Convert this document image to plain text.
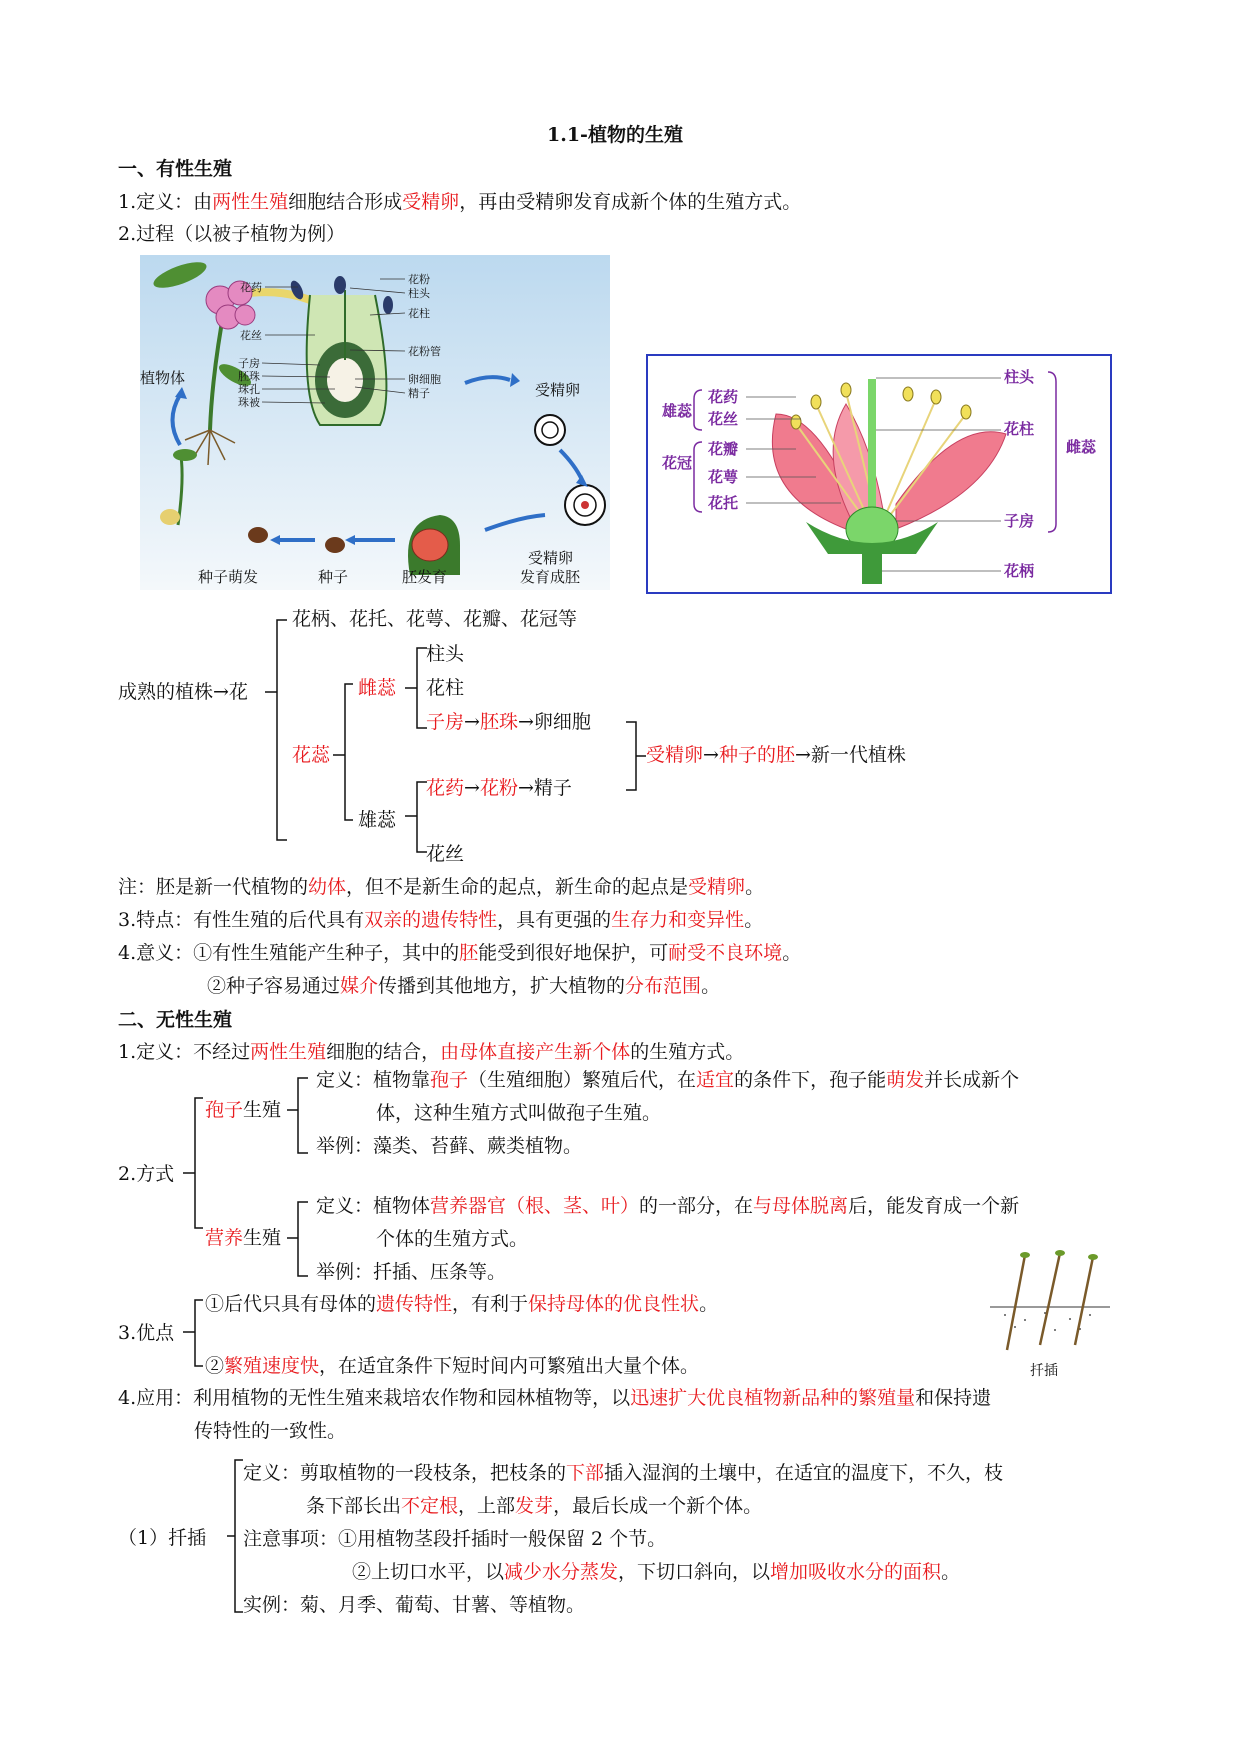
1.1-植物的生殖
一、有性生殖
1.定义：由两性生殖细胞结合形成受精卵，再由受精卵发育成新个体的生殖方式。
2.过程（以被子植物为例）
植物体
花药
花丝
子房
胚珠
珠孔
珠被
花粉
柱头
花柱
花粉管
卵细胞
精子	受精卵
受精卵
发育成胚
胚发育
种子
种子萌发
雄蕊
花冠
花药
花丝
花瓣
花萼
花托
柱头
花柱
雌蕊
子房
花柄
成熟的植株→花
花柄、花托、花萼、花瓣、花冠等
花蕊
雌蕊
雄蕊
柱头
花柱
子房→胚珠→卵细胞
花药→花粉→精子
花丝
受精卵→种子的胚→新一代植株
注：胚是新一代植物的幼体，但不是新生命的起点，新生命的起点是受精卵。
3.特点：有性生殖的后代具有双亲的遗传特性，具有更强的生存力和变异性。
4.意义：①有性生殖能产生种子，其中的胚能受到很好地保护，可耐受不良环境。
②种子容易通过媒介传播到其他地方，扩大植物的分布范围。
二、无性生殖
1.定义：不经过两性生殖细胞的结合，由母体直接产生新个体的生殖方式。
2.方式
孢子生殖
定义：植物靠孢子（生殖细胞）繁殖后代，在适宜的条件下，孢子能萌发并长成新个
体，这种生殖方式叫做孢子生殖。
举例：藻类、苔藓、蕨类植物。
营养生殖
定义：植物体营养器官（根、茎、叶）的一部分，在与母体脱离后，能发育成一个新
个体的生殖方式。
举例：扦插、压条等。
3.优点
①后代只具有母体的遗传特性，有利于保持母体的优良性状。
②繁殖速度快，在适宜条件下短时间内可繁殖出大量个体。	扦插
4.应用：利用植物的无性生殖来栽培农作物和园林植物等，以迅速扩大优良植物新品种的繁殖量和保持遗
传特性的一致性。
（1）扦插
定义：剪取植物的一段枝条，把枝条的下部插入湿润的土壤中，在适宜的温度下，不久，枝
条下部长出不定根，上部发芽，最后长成一个新个体。
注意事项：①用植物茎段扦插时一般保留 2 个节。
②上切口水平，以减少水分蒸发，下切口斜向，以增加吸收水分的面积。
实例：菊、月季、葡萄、甘薯、等植物。
